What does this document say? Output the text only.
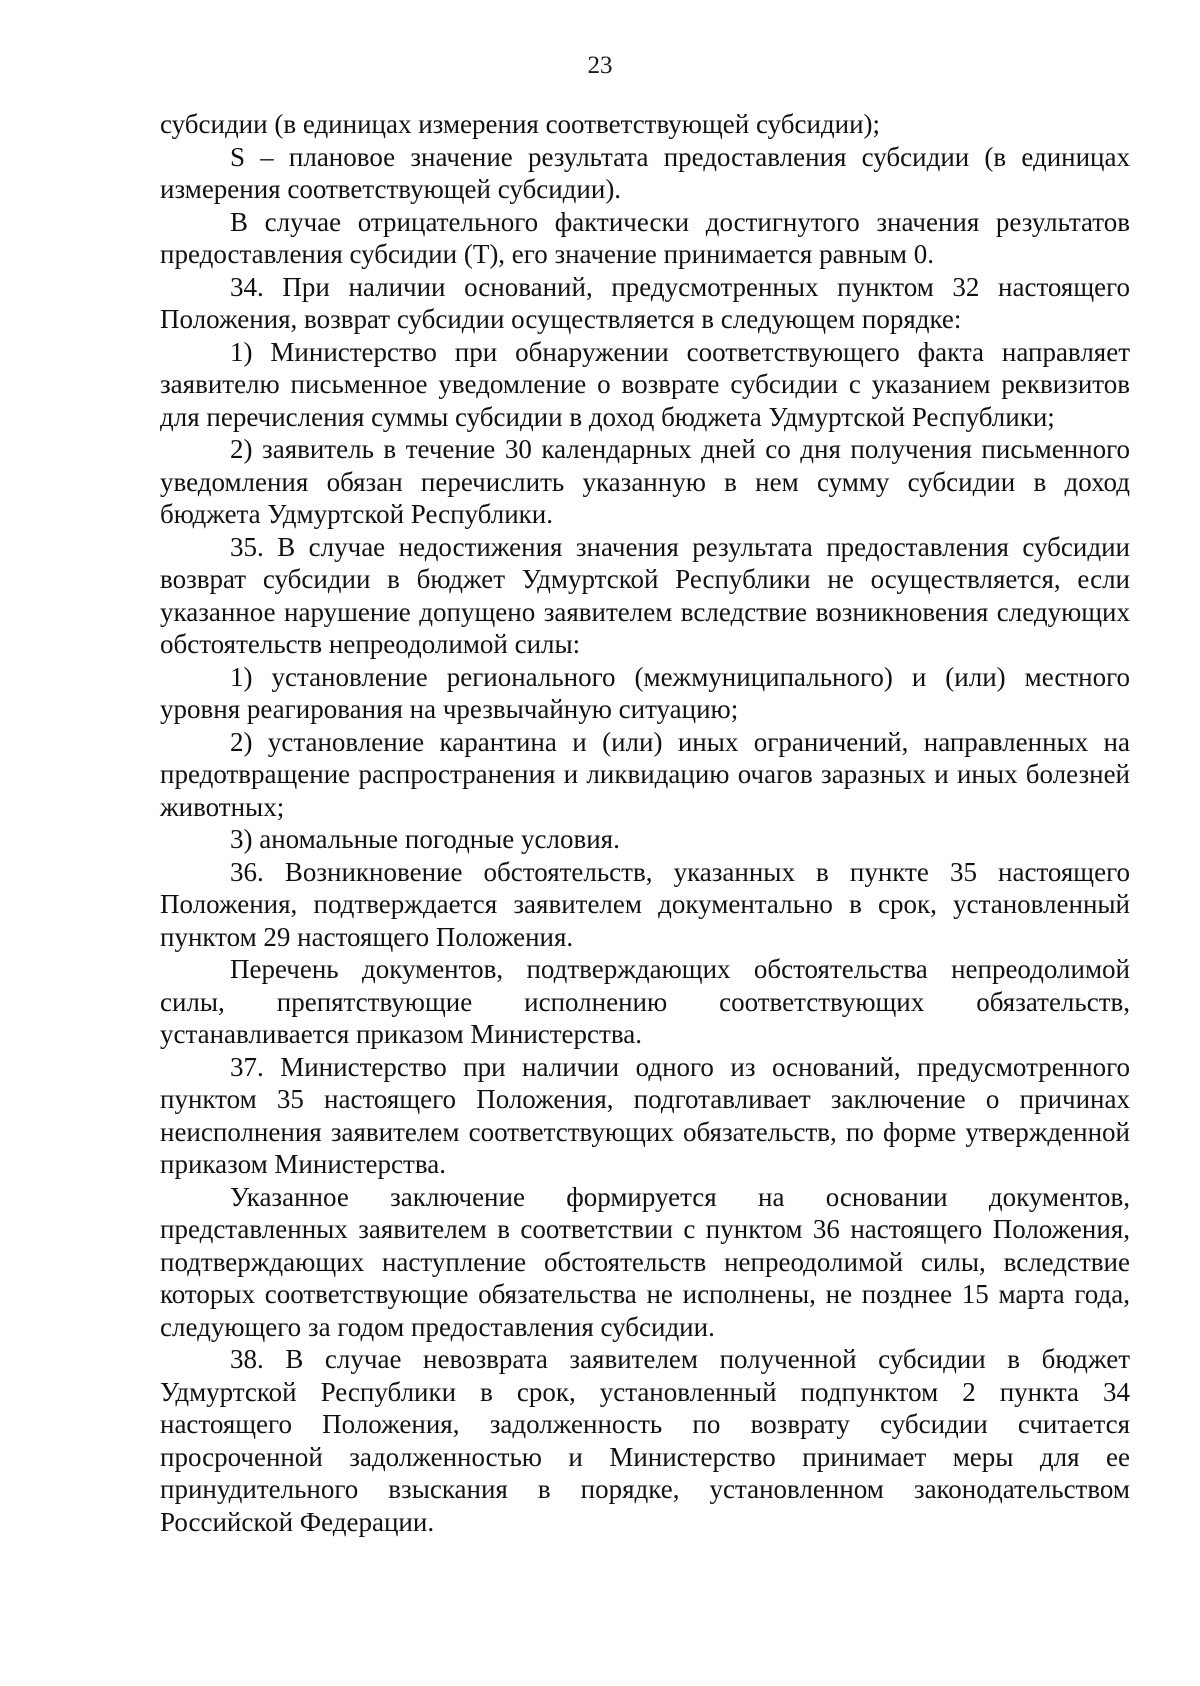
23

субсидии (в единицах измерения соответствующей субсидии);

S – плановое значение результата предоставления субсидии (в единицах измерения соответствующей субсидии).

В случае отрицательного фактически достигнутого значения результатов предоставления субсидии (T), его значение принимается равным 0.

34. При наличии оснований, предусмотренных пунктом 32 настоящего Положения, возврат субсидии осуществляется в следующем порядке:

1) Министерство при обнаружении соответствующего факта направляет заявителю письменное уведомление о возврате субсидии с указанием реквизитов для перечисления суммы субсидии в доход бюджета Удмуртской Республики;

2) заявитель в течение 30 календарных дней со дня получения письменного уведомления обязан перечислить указанную в нем сумму субсидии в доход бюджета Удмуртской Республики.

35. В случае недостижения значения результата предоставления субсидии возврат субсидии в бюджет Удмуртской Республики не осуществляется, если указанное нарушение допущено заявителем вследствие возникновения следующих обстоятельств непреодолимой силы:

1) установление регионального (межмуниципального) и (или) местного уровня реагирования на чрезвычайную ситуацию;

2) установление карантина и (или) иных ограничений, направленных на предотвращение распространения и ликвидацию очагов заразных и иных болезней животных;

3) аномальные погодные условия.

36. Возникновение обстоятельств, указанных в пункте 35 настоящего Положения, подтверждается заявителем документально в срок, установленный пунктом 29 настоящего Положения.

Перечень документов, подтверждающих обстоятельства непреодолимой силы, препятствующие исполнению соответствующих обязательств, устанавливается приказом Министерства.

37. Министерство при наличии одного из оснований, предусмотренного пунктом 35 настоящего Положения, подготавливает заключение о причинах неисполнения заявителем соответствующих обязательств, по форме утвержденной приказом Министерства.

Указанное заключение формируется на основании документов, представленных заявителем в соответствии с пунктом 36 настоящего Положения, подтверждающих наступление обстоятельств непреодолимой силы, вследствие которых соответствующие обязательства не исполнены, не позднее 15 марта года, следующего за годом предоставления субсидии.

38. В случае невозврата заявителем полученной субсидии в бюджет Удмуртской Республики в срок, установленный подпунктом 2 пункта 34 настоящего Положения, задолженность по возврату субсидии считается просроченной задолженностью и Министерство принимает меры для ее принудительного взыскания в порядке, установленном законодательством Российской Федерации.
